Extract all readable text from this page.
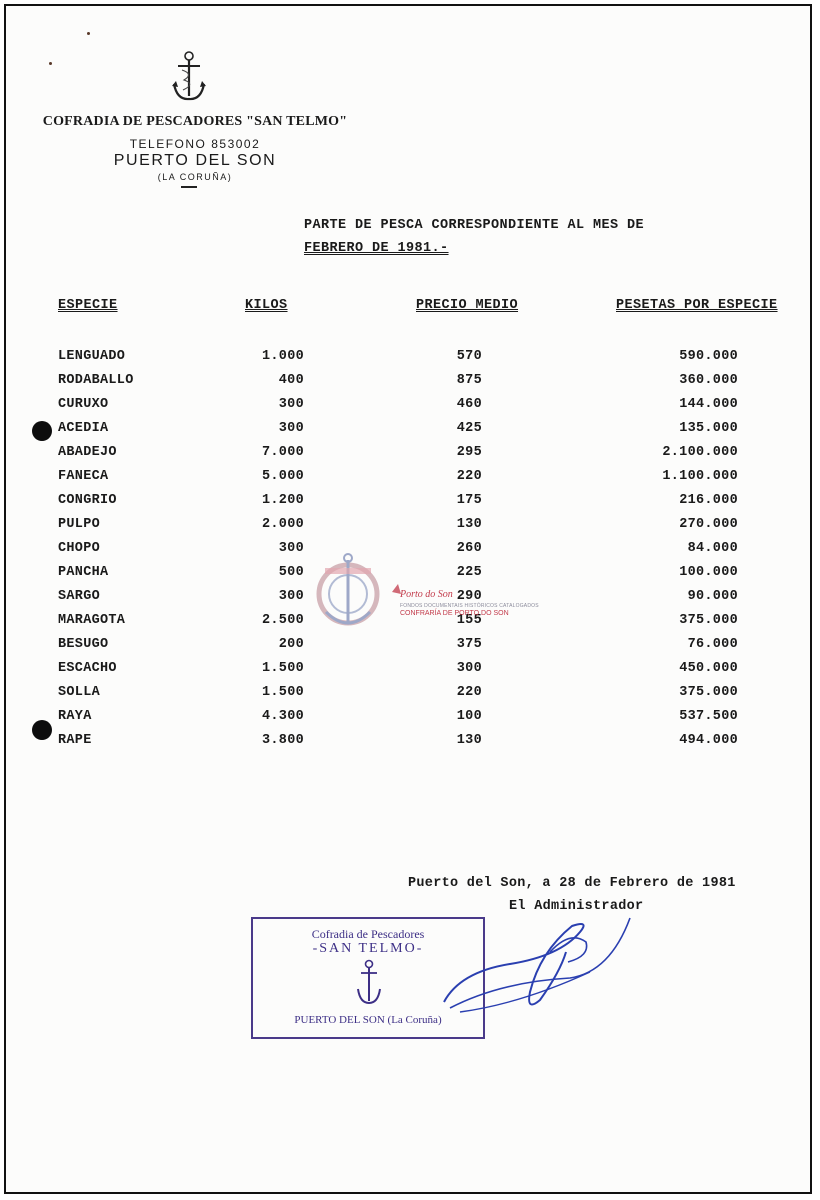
COFRADIA DE PESCADORES "SAN TELMO"
TELEFONO 853002
PUERTO DEL SON
(LA CORUÑA)
PARTE DE PESCA CORRESPONDIENTE AL MES DE
FEBRERO DE 1981.-
ESPECIE	KILOS	PRECIO MEDIO	PESETAS POR ESPECIE
LENGUADO	1.000	570	590.000
RODABALLO	400	875	360.000
CURUXO	300	460	144.000
ACEDIA	300	425	135.000
ABADEJO	7.000	295	2.100.000
FANECA	5.000	220	1.100.000
CONGRIO	1.200	175	216.000
PULPO	2.000	130	270.000
CHOPO	300	260	84.000
PANCHA	500	225	100.000
SARGO	300	290	90.000
MARAGOTA	2.500	155	375.000
BESUGO	200	375	76.000
ESCACHO	1.500	300	450.000
SOLLA	1.500	220	375.000
RAYA	4.300	100	537.500
RAPE	3.800	130	494.000
Porto do Son
FONDOS DOCUMENTAIS HISTÓRICOS CATALOGADOS
CONFRARÍA DE PORTO DO SON
Puerto del Son, a 28 de Febrero de 1981
El Administrador
Cofradia de Pescadores
-SAN TELMO-
PUERTO DEL SON (La Coruña)
